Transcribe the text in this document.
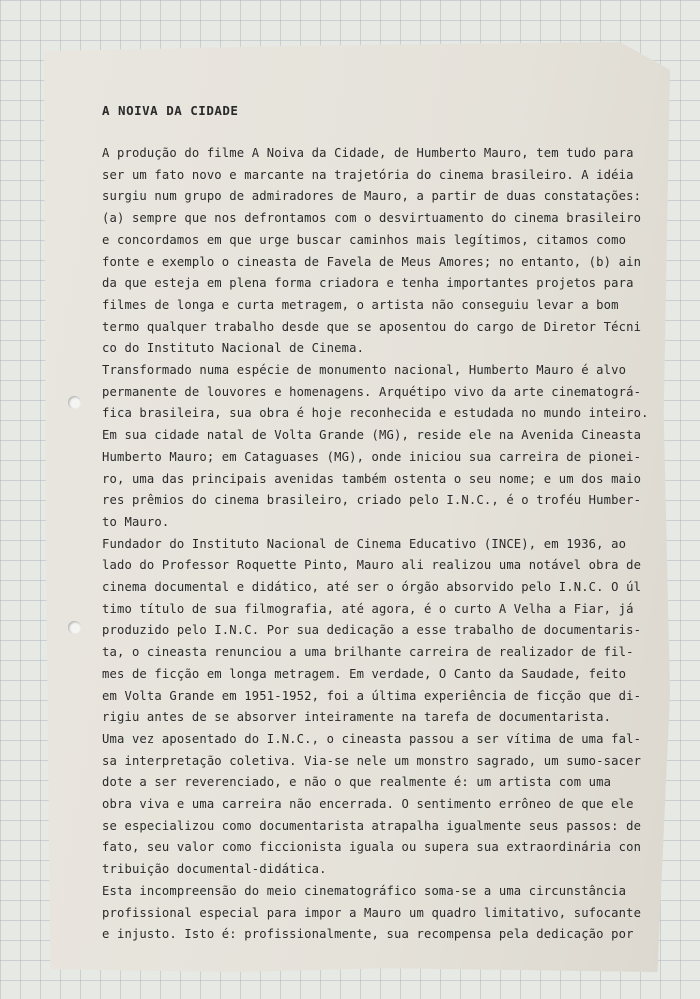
A NOIVA DA CIDADE
A produção do filme A Noiva da Cidade, de Humberto Mauro, tem tudo para
ser um fato novo e marcante na trajetória do cinema brasileiro. A idéia
surgiu num grupo de admiradores de Mauro, a partir de duas constatações:
(a) sempre que nos defrontamos com o desvirtuamento do cinema brasileiro
e concordamos em que urge buscar caminhos mais legítimos, citamos como
fonte e exemplo o cineasta de Favela de Meus Amores; no entanto, (b) ain
da que esteja em plena forma criadora e tenha importantes projetos para
filmes de longa e curta metragem, o artista não conseguiu levar a bom
termo qualquer trabalho desde que se aposentou do cargo de Diretor Técni
co do Instituto Nacional de Cinema.
Transformado numa espécie de monumento nacional, Humberto Mauro é alvo
permanente de louvores e homenagens. Arquétipo vivo da arte cinematográ-
fica brasileira, sua obra é hoje reconhecida e estudada no mundo inteiro.
Em sua cidade natal de Volta Grande (MG), reside ele na Avenida Cineasta
Humberto Mauro; em Cataguases (MG), onde iniciou sua carreira de pionei-
ro, uma das principais avenidas também ostenta o seu nome; e um dos maio
res prêmios do cinema brasileiro, criado pelo I.N.C., é o troféu Humber-
to Mauro.
Fundador do Instituto Nacional de Cinema Educativo (INCE), em 1936, ao
lado do Professor Roquette Pinto, Mauro ali realizou uma notável obra de
cinema documental e didático, até ser o órgão absorvido pelo I.N.C. O úl
timo título de sua filmografia, até agora, é o curto A Velha a Fiar, já
produzido pelo I.N.C. Por sua dedicação a esse trabalho de documentaris-
ta, o cineasta renunciou a uma brilhante carreira de realizador de fil-
mes de ficção em longa metragem. Em verdade, O Canto da Saudade, feito
em Volta Grande em 1951-1952, foi a última experiência de ficção que di-
rigiu antes de se absorver inteiramente na tarefa de documentarista.
Uma vez aposentado do I.N.C., o cineasta passou a ser vítima de uma fal-
sa interpretação coletiva. Via-se nele um monstro sagrado, um sumo-sacer
dote a ser reverenciado, e não o que realmente é: um artista com uma
obra viva e uma carreira não encerrada. O sentimento errôneo de que ele
se especializou como documentarista atrapalha igualmente seus passos: de
fato, seu valor como ficcionista iguala ou supera sua extraordinária con
tribuição documental-didática.
Esta incompreensão do meio cinematográfico soma-se a uma circunstância
profissional especial para impor a Mauro um quadro limitativo, sufocante
e injusto. Isto é: profissionalmente, sua recompensa pela dedicação por
